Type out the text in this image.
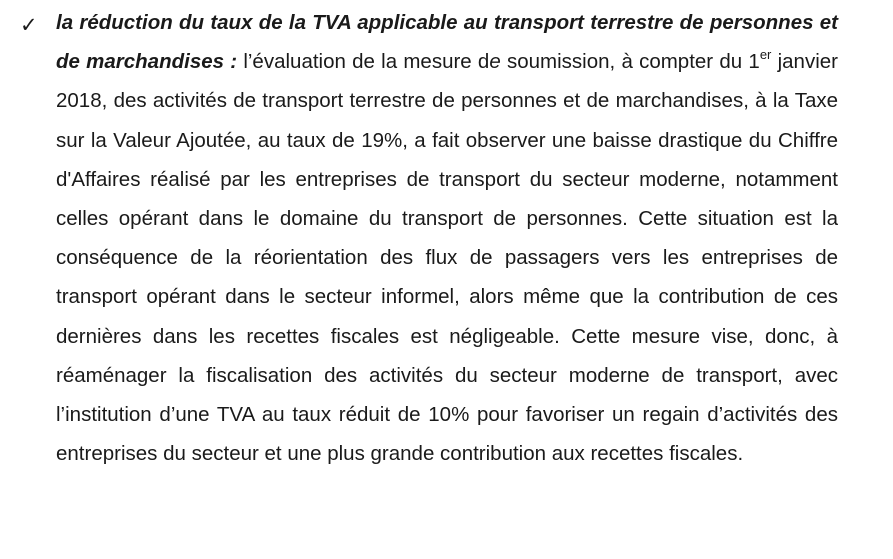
✓ la réduction du taux de la TVA applicable au transport terrestre de personnes et de marchandises : l’évaluation de la mesure de soumission, à compter du 1er janvier 2018, des activités de transport terrestre de personnes et de marchandises, à la Taxe sur la Valeur Ajoutée, au taux de 19%, a fait observer une baisse drastique du Chiffre d'Affaires réalisé par les entreprises de transport du secteur moderne, notamment celles opérant dans le domaine du transport de personnes. Cette situation est la conséquence de la réorientation des flux de passagers vers les entreprises de transport opérant dans le secteur informel, alors même que la contribution de ces dernières dans les recettes fiscales est négligeable. Cette mesure vise, donc, à réaménager la fiscalisation des activités du secteur moderne de transport, avec l’institution d’une TVA au taux réduit de 10% pour favoriser un regain d’activités des entreprises du secteur et une plus grande contribution aux recettes fiscales.
